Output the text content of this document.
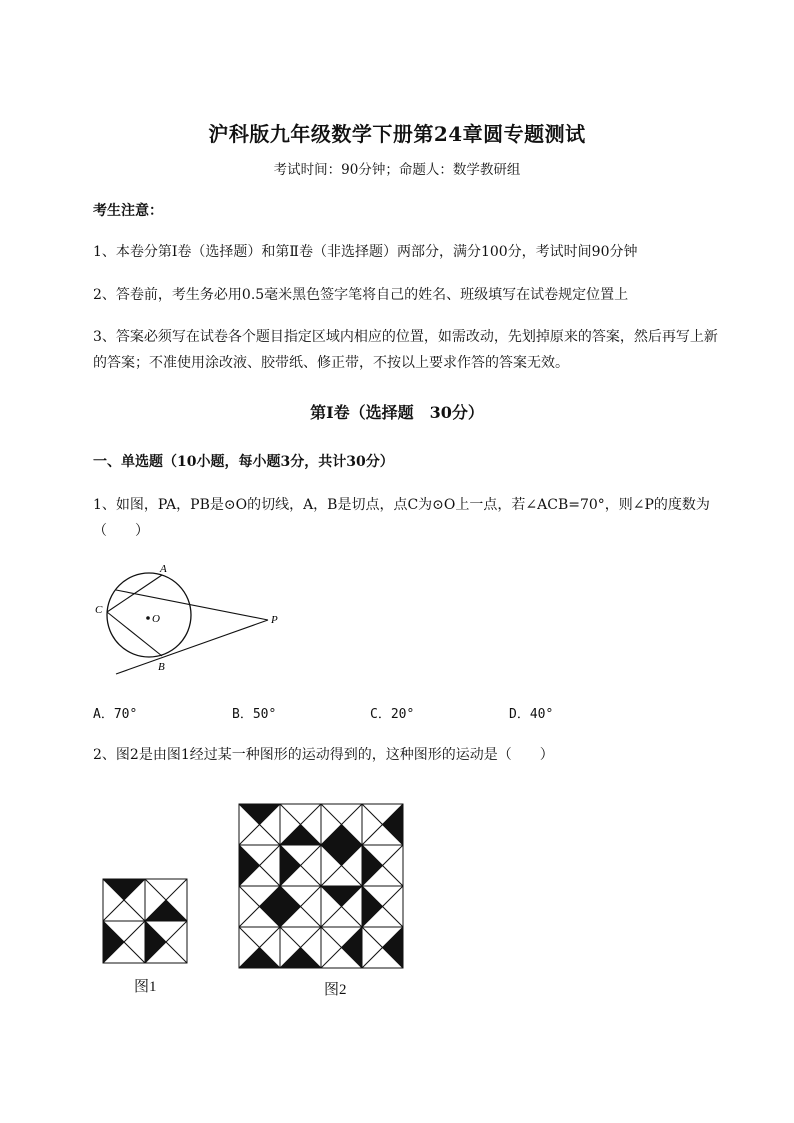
沪科版九年级数学下册第24章圆专题测试
考试时间：90分钟；命题人：数学教研组
考生注意：
1、本卷分第I卷（选择题）和第Ⅱ卷（非选择题）两部分，满分100分，考试时间90分钟
2、答卷前，考生务必用0.5毫米黑色签字笔将自己的姓名、班级填写在试卷规定位置上
3、答案必须写在试卷各个题目指定区域内相应的位置，如需改动，先划掉原来的答案，然后再写上新
的答案；不准使用涂改液、胶带纸、修正带，不按以上要求作答的答案无效。
第I卷（选择题　30分）
一、单选题（10小题，每小题3分，共计30分）
1、如图，PA，PB是⊙O的切线，A，B是切点，点C为⊙O上一点，若∠ACB=70°，则∠P的度数为
（　　）
A
B
C
O	P
A．70°	B．50°	C．20°	D．40°
2、图2是由图1经过某一种图形的运动得到的，这种图形的运动是（　　）
图1	图2
